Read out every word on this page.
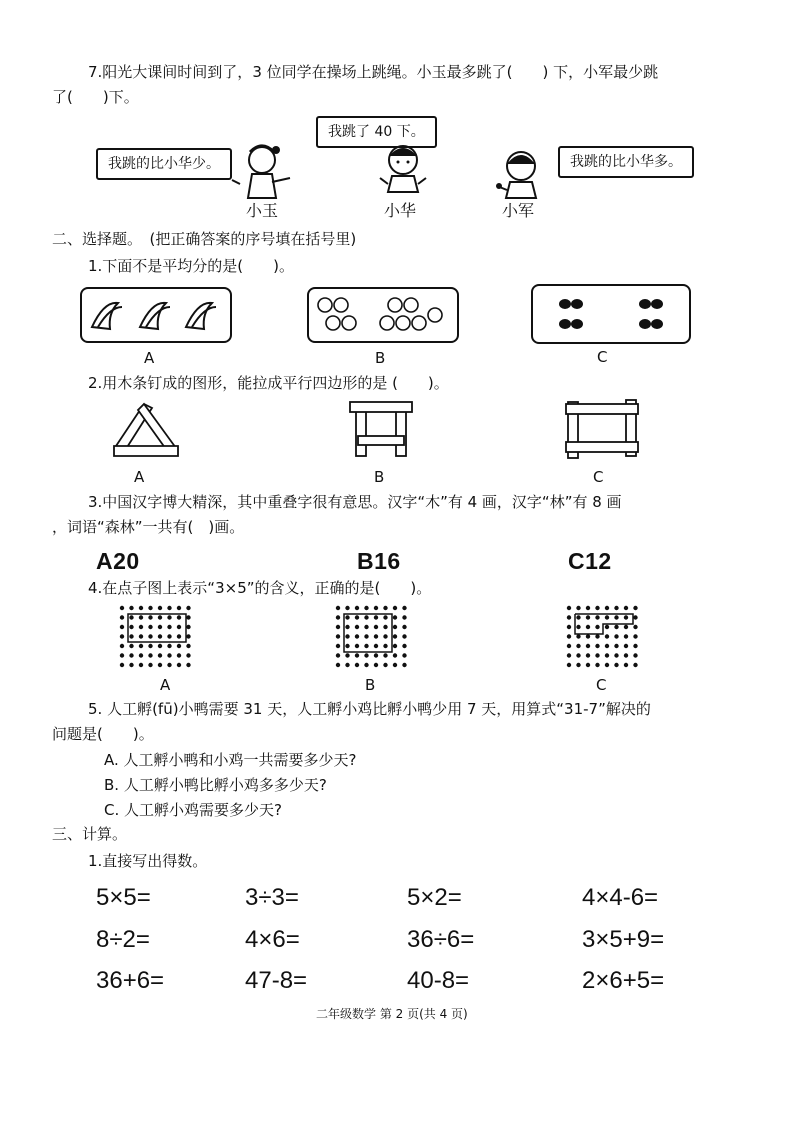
7.阳光大课间时间到了，3 位同学在操场上跳绳。小玉最多跳了(　　) 下，小军最少跳
了(　　)下。
我跳了 40 下。
我跳的比小华少。	我跳的比小华多。
小玉	小华	小军
二、选择题。　(把正确答案的序号填在括号里)
1.下面不是平均分的是(　　)。
A	B	C
2.用木条钉成的图形，能拉成平行四边形的是 (　　)。
A	B	C
3.中国汉字博大精深，其中重叠字很有意思。汉字“木”有 4 画，汉字“林”有 8 画
，词语“森林”一共有(　)画。
A20	B16	C12
4.在点子图上表示“3×5”的含义，正确的是(　　)。
A	B	C
5. 人工孵(fū)小鸭需要 31 天，人工孵小鸡比孵小鸭少用 7 天，用算式“31-7”解决的
问题是(　　)。
A. 人工孵小鸭和小鸡一共需要多少天?
B. 人工孵小鸭比孵小鸡多多少天?
C. 人工孵小鸡需要多少天?
三、计算。
1.直接写出得数。
5×5=	3÷3=	5×2=	4×4-6=
8÷2=	4×6=	36÷6=	3×5+9=
36+6=	47-8=	40-8=	2×6+5=
二年级数学 第 2 页(共 4 页)
